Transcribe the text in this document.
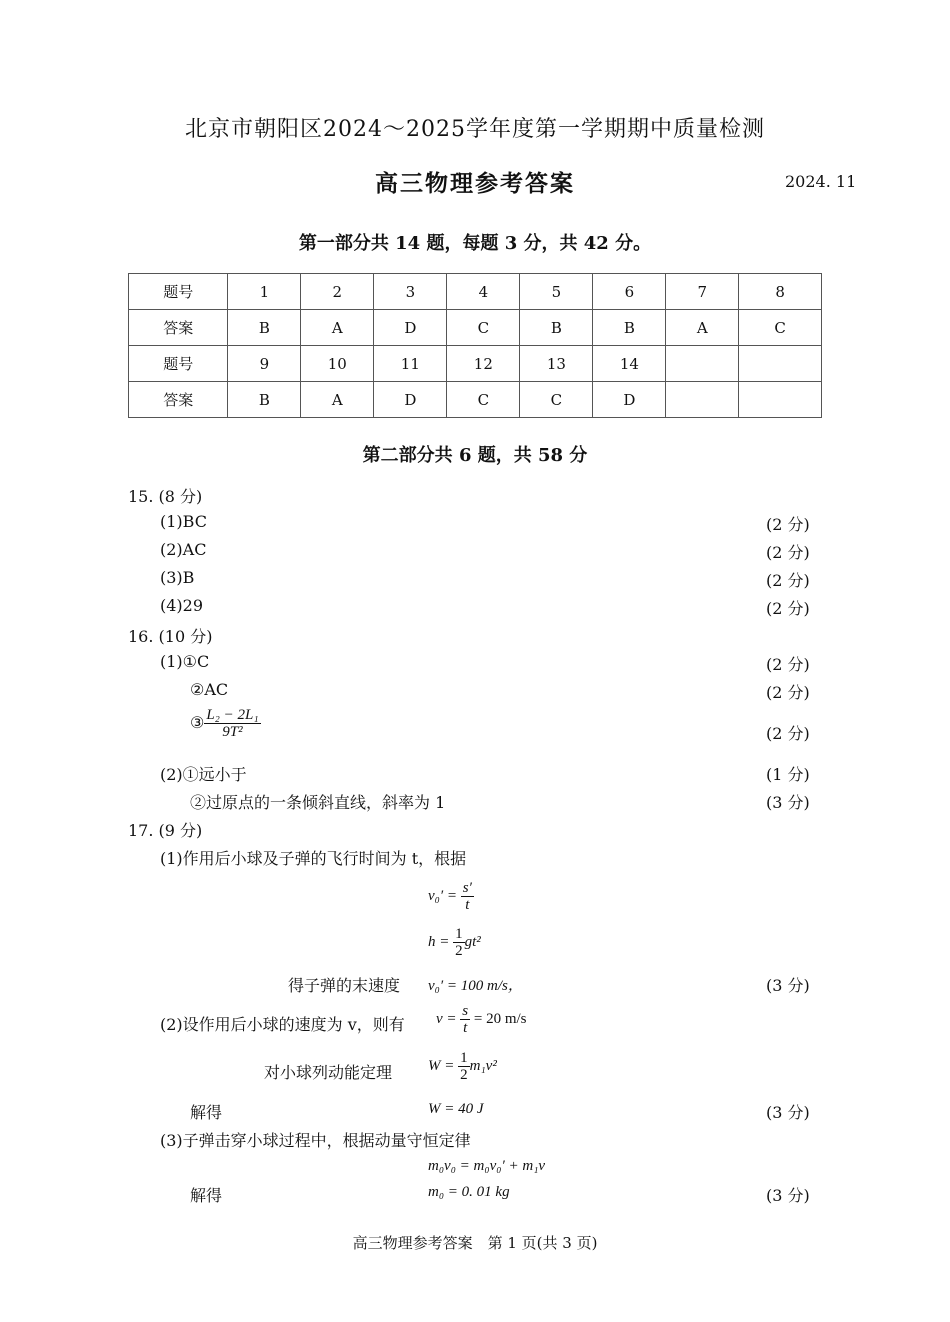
北京市朝阳区2024～2025学年度第一学期期中质量检测
高三物理参考答案	2024. 11
第一部分共 14 题，每题 3 分，共 42 分。
题号	1	2	3	4	5	6	7	8
答案	B	A	D	C	B	B	A	C
题号	9	10	11	12	13	14		
答案	B	A	D	C	C	D		
第二部分共 6 题，共 58 分
15. (8 分)
(1)BC	(2 分)
(2)AC	(2 分)
(3)B	(2 分)
(4)29	(2 分)
16. (10 分)
(1)①C	(2 分)
②AC	(2 分)
③ $\frac{\text{L₂ − 2L₁}}{\text{9T²}}$	(2 分)
(2)①远小于	(1 分)
②过原点的一条倾斜直线，斜率为 1	(3 分)
17. (9 分)
(1)作用后小球及子弹的飞行时间为 t，根据
$v_0' = \frac{s'}{t}$
$h = \frac{1}{2} gt^2$
得子弹的末速度 v₀′ = 100 m/s，	(3 分)
(2)设作用后小球的速度为 v，则有 $v = \frac{s}{t} = 20$ m/s
对小球列动能定理 $W = \frac{1}{2} m_1v^2$
解得	W = 40 J	(3 分)
(3)子弹击穿小球过程中，根据动量守恒定律
m₀v₀ = m₀v₀′ + m₁v
解得	m₀ = 0. 01 kg	(3 分)
高三物理参考答案　第 1 页(共 3 页)
